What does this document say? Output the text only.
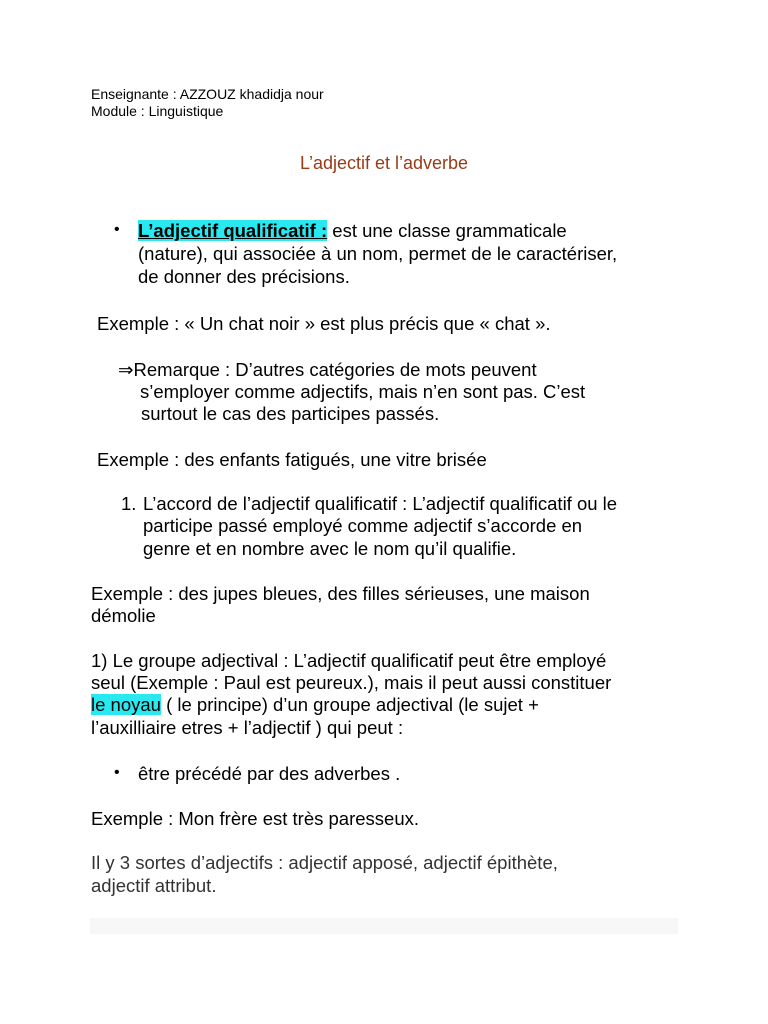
Enseignante : AZZOUZ khadidja nour
Module : Linguistique
L’adjectif et l’adverbe
• L’adjectif qualificatif : est une classe grammaticale
(nature), qui associée à un nom, permet de le caractériser,
de donner des précisions.
Exemple : « Un chat noir » est plus précis que « chat ».
⇒Remarque : D’autres catégories de mots peuvent
s’employer comme adjectifs, mais n’en sont pas. C’est
surtout le cas des participes passés.
Exemple : des enfants fatigués, une vitre brisée
1. L’accord de l’adjectif qualificatif : L’adjectif qualificatif ou le
participe passé employé comme adjectif s’accorde en
genre et en nombre avec le nom qu’il qualifie.
Exemple : des jupes bleues, des filles sérieuses, une maison
démolie
1) Le groupe adjectival : L’adjectif qualificatif peut être employé
seul (Exemple : Paul est peureux.), mais il peut aussi constituer
le noyau ( le principe) d’un groupe adjectival (le sujet +
l’auxilliaire etres + l’adjectif ) qui peut :
• être précédé par des adverbes .
Exemple : Mon frère est très paresseux.
Il y 3 sortes d’adjectifs : adjectif apposé, adjectif épithète,
adjectif attribut.
